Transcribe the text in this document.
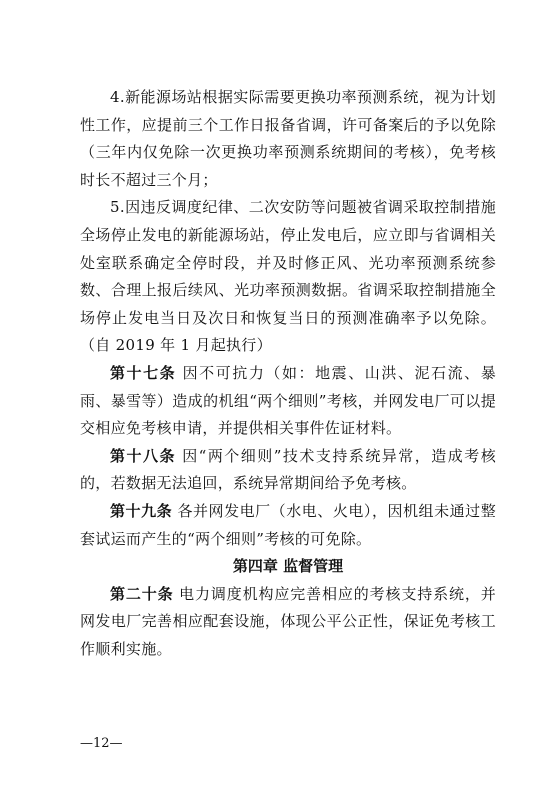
4.新能源场站根据实际需要更换功率预测系统，视为计划性工作，应提前三个工作日报备省调，许可备案后的予以免除（三年内仅免除一次更换功率预测系统期间的考核），免考核时长不超过三个月；

5.因违反调度纪律、二次安防等问题被省调采取控制措施全场停止发电的新能源场站，停止发电后，应立即与省调相关处室联系确定全停时段，并及时修正风、光功率预测系统参数、合理上报后续风、光功率预测数据。省调采取控制措施全场停止发电当日及次日和恢复当日的预测准确率予以免除。（自 2019 年 1 月起执行）

第十七条 因不可抗力（如：地震、山洪、泥石流、暴雨、暴雪等）造成的机组“两个细则”考核，并网发电厂可以提交相应免考核申请，并提供相关事件佐证材料。

第十八条 因“两个细则”技术支持系统异常，造成考核的，若数据无法追回，系统异常期间给予免考核。

第十九条 各并网发电厂（水电、火电），因机组未通过整套试运而产生的“两个细则”考核的可免除。

第四章 监督管理

第二十条 电力调度机构应完善相应的考核支持系统，并网发电厂完善相应配套设施，体现公平公正性，保证免考核工作顺利实施。

—12—
